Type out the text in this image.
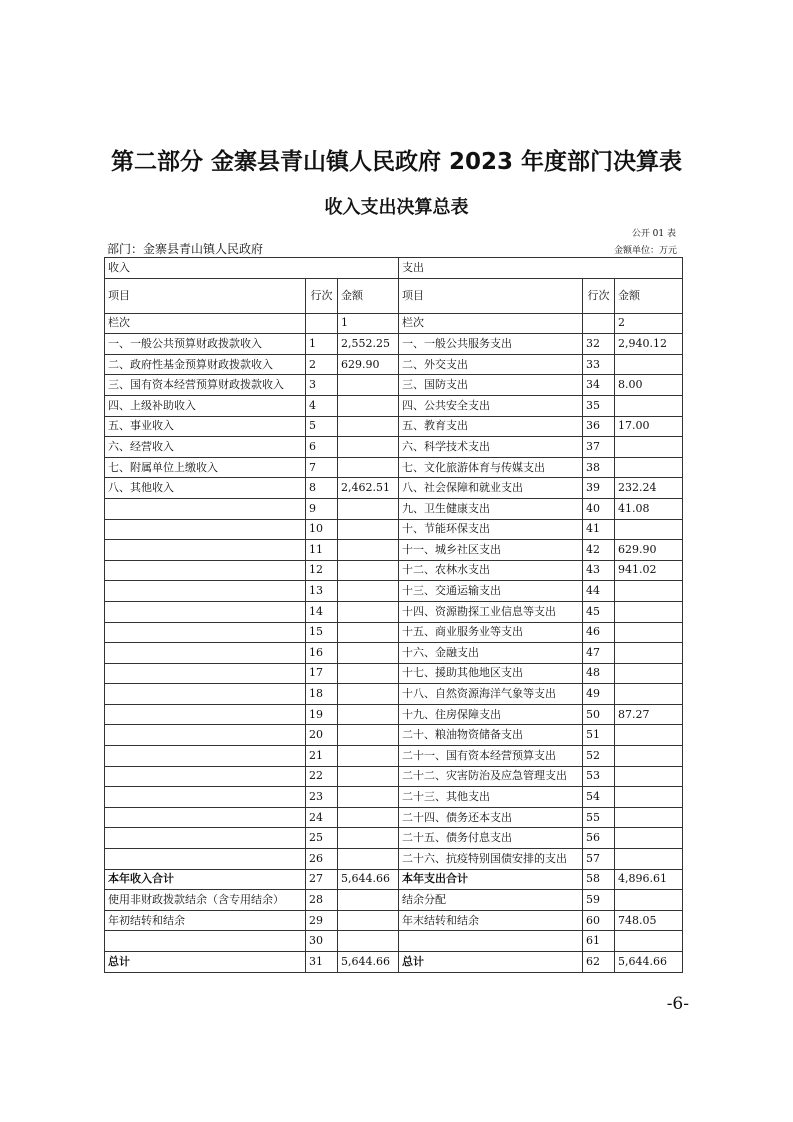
第二部分 金寨县青山镇人民政府 2023 年度部门决算表
收入支出决算总表
公开 01 表
部门：金寨县青山镇人民政府	金额单位：万元
收入			支出		
项目	行次	金额	项目	行次	金额
栏次		1	栏次		2
一、一般公共预算财政拨款收入	1	2,552.25	一、一般公共服务支出	32	2,940.12
二、政府性基金预算财政拨款收入	2	629.90	二、外交支出	33	
三、国有资本经营预算财政拨款收入	3		三、国防支出	34	8.00
四、上级补助收入	4		四、公共安全支出	35	
五、事业收入	5		五、教育支出	36	17.00
六、经营收入	6		六、科学技术支出	37	
七、附属单位上缴收入	7		七、文化旅游体育与传媒支出	38	
八、其他收入	8	2,462.51	八、社会保障和就业支出	39	232.24
	9		九、卫生健康支出	40	41.08
	10		十、节能环保支出	41	
	11		十一、城乡社区支出	42	629.90
	12		十二、农林水支出	43	941.02
	13		十三、交通运输支出	44	
	14		十四、资源勘探工业信息等支出	45	
	15		十五、商业服务业等支出	46	
	16		十六、金融支出	47	
	17		十七、援助其他地区支出	48	
	18		十八、自然资源海洋气象等支出	49	
	19		十九、住房保障支出	50	87.27
	20		二十、粮油物资储备支出	51	
	21		二十一、国有资本经营预算支出	52	
	22		二十二、灾害防治及应急管理支出	53	
	23		二十三、其他支出	54	
	24		二十四、债务还本支出	55	
	25		二十五、债务付息支出	56	
	26		二十六、抗疫特别国债安排的支出	57	
本年收入合计	27	5,644.66	本年支出合计	58	4,896.61
使用非财政拨款结余（含专用结余）	28		结余分配	59	
年初结转和结余	29		年末结转和结余	60	748.05
	30			61	
总计	31	5,644.66	总计	62	5,644.66
-6-
